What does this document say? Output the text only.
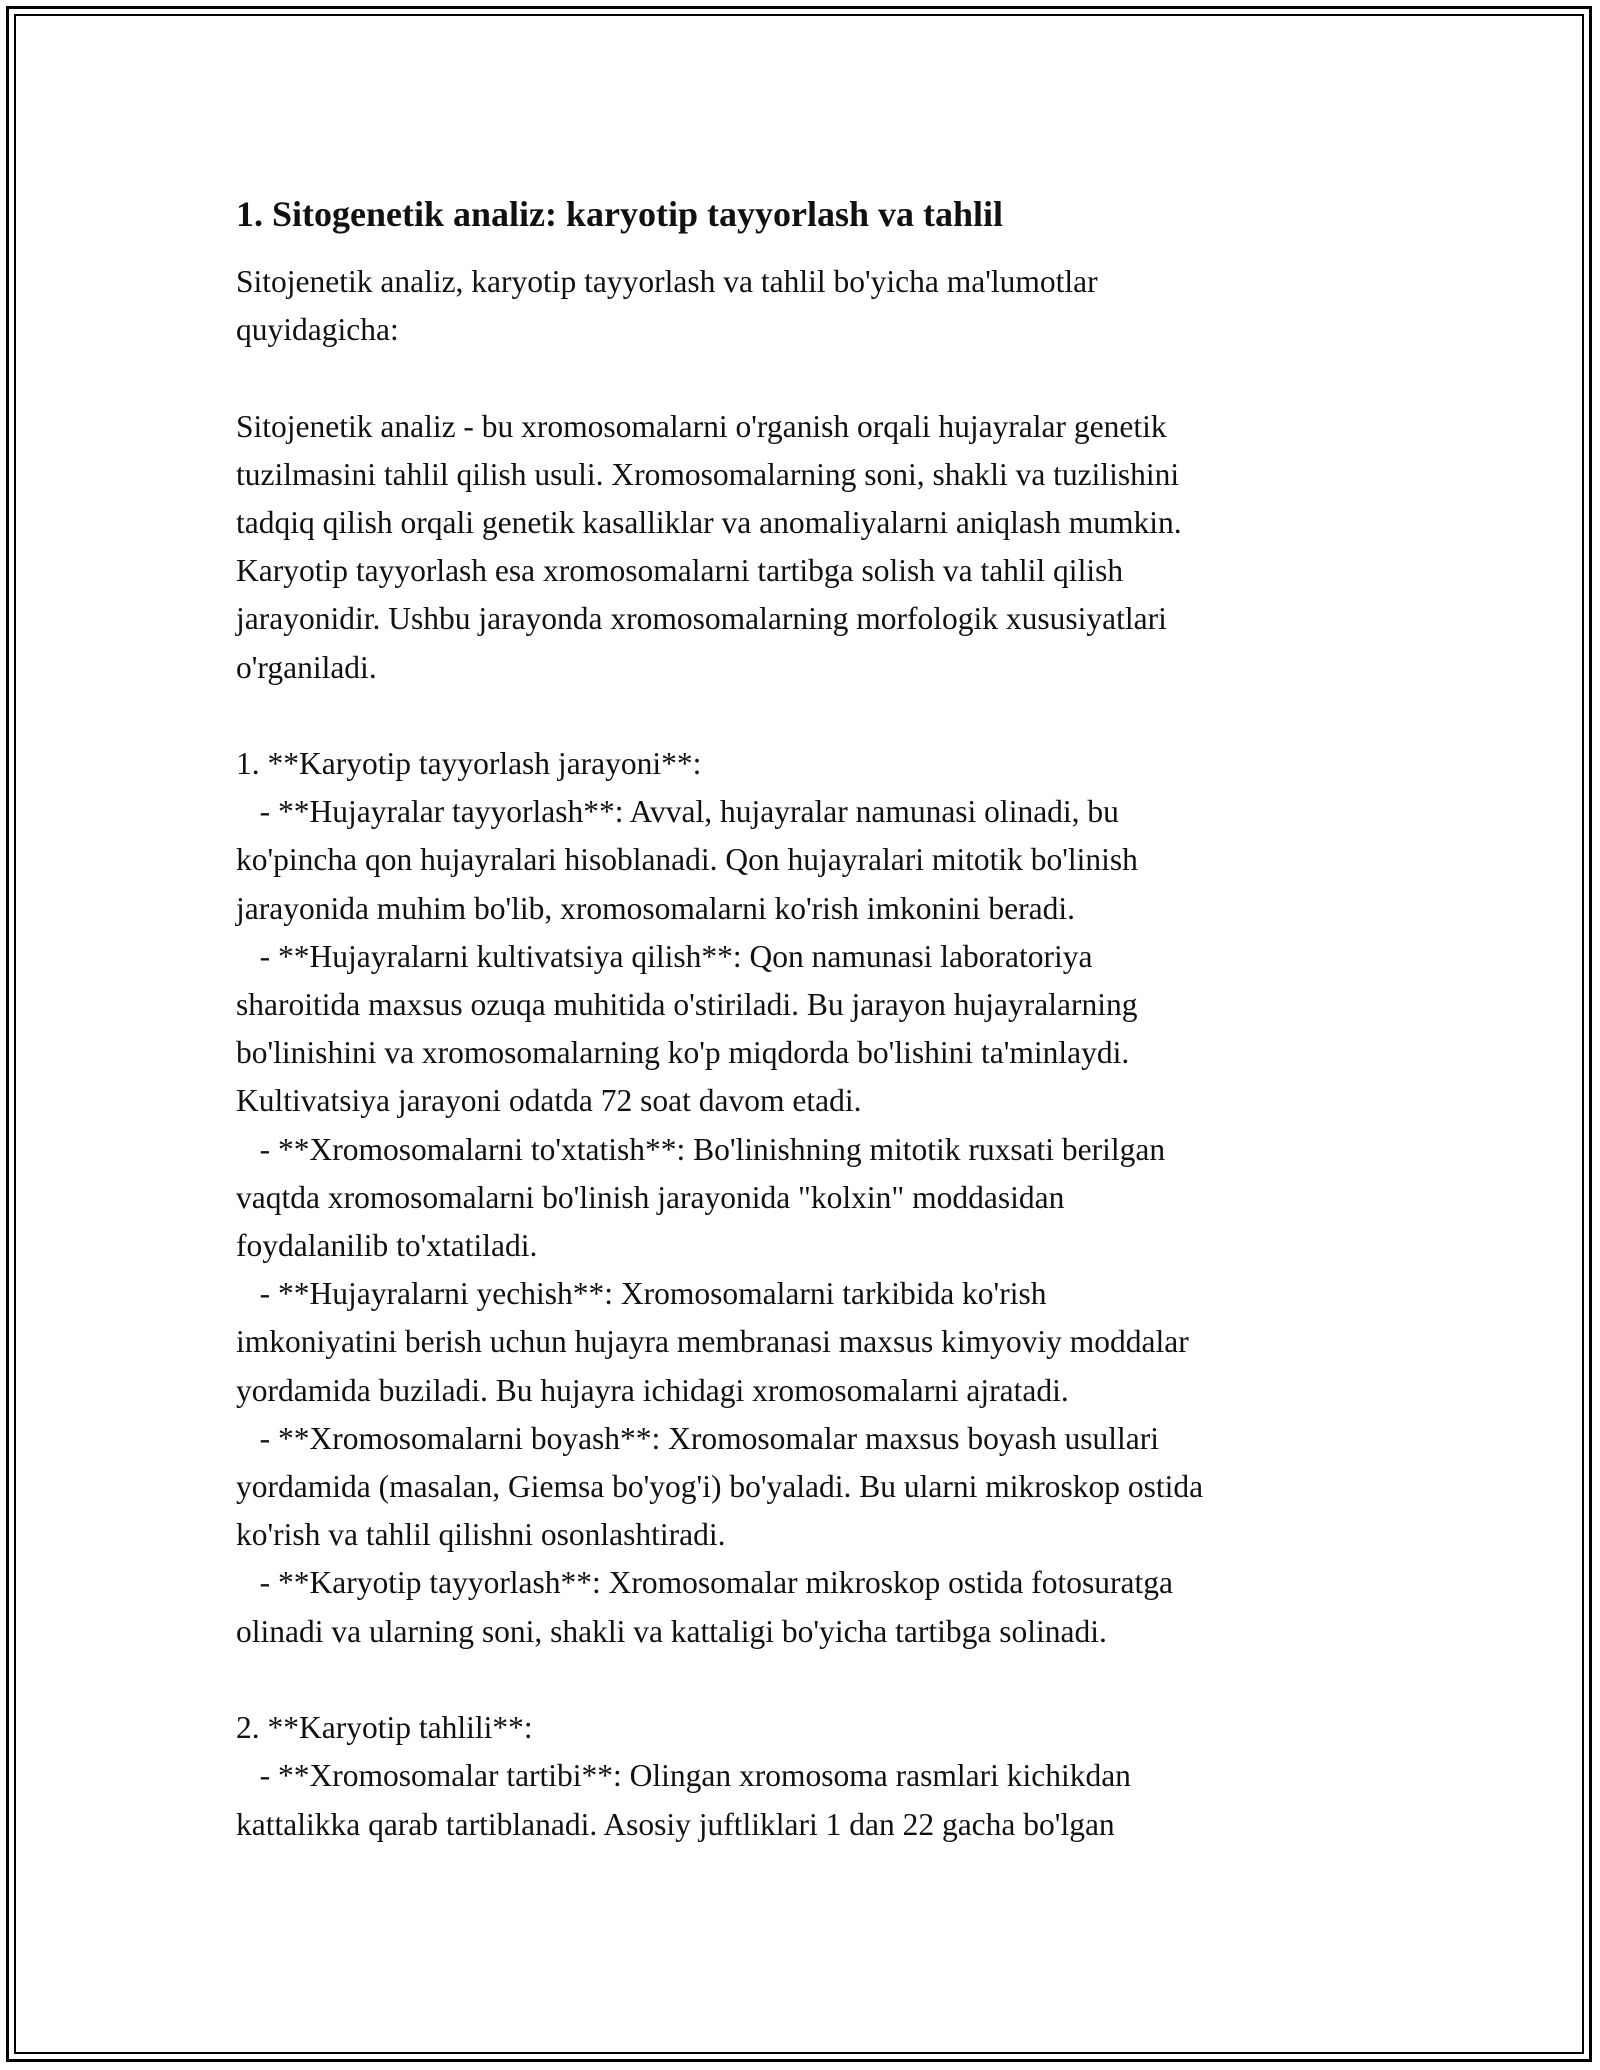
1. Sitogenetik analiz: karyotip tayyorlash va tahlil

Sitojenetik analiz, karyotip tayyorlash va tahlil bo'yicha ma'lumotlar
quyidagicha:

Sitojenetik analiz - bu xromosomalarni o'rganish orqali hujayralar genetik
tuzilmasini tahlil qilish usuli. Xromosomalarning soni, shakli va tuzilishini
tadqiq qilish orqali genetik kasalliklar va anomaliyalarni aniqlash mumkin.
Karyotip tayyorlash esa xromosomalarni tartibga solish va tahlil qilish
jarayonidir. Ushbu jarayonda xromosomalarning morfologik xususiyatlari
o'rganiladi.

1. **Karyotip tayyorlash jarayoni**:
- **Hujayralar tayyorlash**: Avval, hujayralar namunasi olinadi, bu
ko'pincha qon hujayralari hisoblanadi. Qon hujayralari mitotik bo'linish
jarayonida muhim bo'lib, xromosomalarni ko'rish imkonini beradi.
- **Hujayralarni kultivatsiya qilish**: Qon namunasi laboratoriya
sharoitida maxsus ozuqa muhitida o'stiriladi. Bu jarayon hujayralarning
bo'linishini va xromosomalarning ko'p miqdorda bo'lishini ta'minlaydi.
Kultivatsiya jarayoni odatda 72 soat davom etadi.
- **Xromosomalarni to'xtatish**: Bo'linishning mitotik ruxsati berilgan
vaqtda xromosomalarni bo'linish jarayonida "kolxin" moddasidan
foydalanilib to'xtatiladi.
- **Hujayralarni yechish**: Xromosomalarni tarkibida ko'rish
imkoniyatini berish uchun hujayra membranasi maxsus kimyoviy moddalar
yordamida buziladi. Bu hujayra ichidagi xromosomalarni ajratadi.
- **Xromosomalarni boyash**: Xromosomalar maxsus boyash usullari
yordamida (masalan, Giemsa bo'yog'i) bo'yaladi. Bu ularni mikroskop ostida
ko'rish va tahlil qilishni osonlashtiradi.
- **Karyotip tayyorlash**: Xromosomalar mikroskop ostida fotosuratga
olinadi va ularning soni, shakli va kattaligi bo'yicha tartibga solinadi.

2. **Karyotip tahlili**:
- **Xromosomalar tartibi**: Olingan xromosoma rasmlari kichikdan
kattalikka qarab tartiblanadi. Asosiy juftliklari 1 dan 22 gacha bo'lgan
